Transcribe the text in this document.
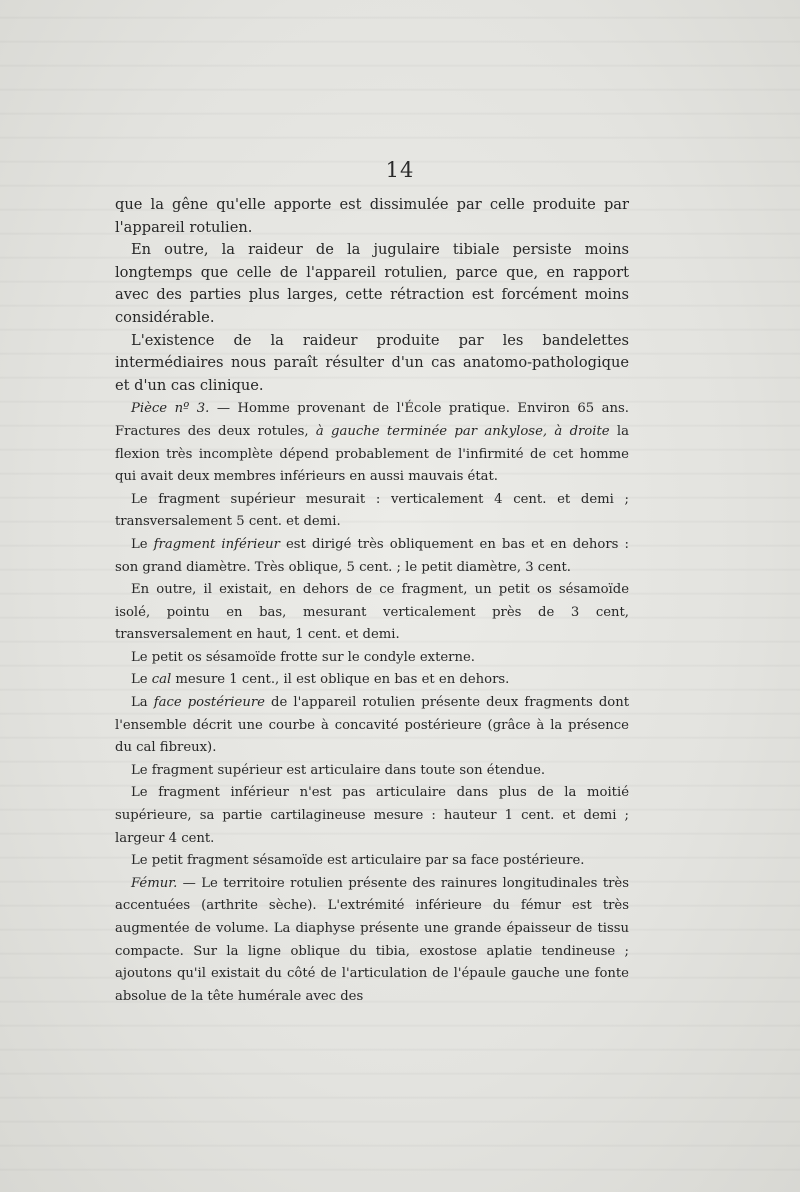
14

que la gêne qu'elle apporte est dissimulée par celle produite par l'appareil rotulien.

En outre, la raideur de la jugulaire tibiale persiste moins longtemps que celle de l'appareil rotulien, parce que, en rapport avec des parties plus larges, cette rétraction est forcément moins considérable.

L'existence de la raideur produite par les bandelettes intermédiaires nous paraît résulter d'un cas anatomo-pathologique et d'un cas clinique.

Pièce nº 3. — Homme provenant de l'École pratique. Environ 65 ans. Fractures des deux rotules, à gauche terminée par ankylose, à droite la flexion très incomplète dépend probablement de l'infirmité de cet homme qui avait deux membres inférieurs en aussi mauvais état.

Le fragment supérieur mesurait : verticalement 4 cent. et demi ; transversalement 5 cent. et demi.

Le fragment inférieur est dirigé très obliquement en bas et en dehors : son grand diamètre. Très oblique, 5 cent. ; le petit diamètre, 3 cent.

En outre, il existait, en dehors de ce fragment, un petit os sésamoïde isolé, pointu en bas, mesurant verticalement près de 3 cent, transversalement en haut, 1 cent. et demi.

Le petit os sésamoïde frotte sur le condyle externe.

Le cal mesure 1 cent., il est oblique en bas et en dehors.

La face postérieure de l'appareil rotulien présente deux fragments dont l'ensemble décrit une courbe à concavité postérieure (grâce à la présence du cal fibreux).

Le fragment supérieur est articulaire dans toute son étendue.

Le fragment inférieur n'est pas articulaire dans plus de la moitié supérieure, sa partie cartilagineuse mesure : hauteur 1 cent. et demi ; largeur 4 cent.

Le petit fragment sésamoïde est articulaire par sa face postérieure.

Fémur. — Le territoire rotulien présente des rainures longitudinales très accentuées (arthrite sèche). L'extrémité inférieure du fémur est très augmentée de volume. La diaphyse présente une grande épaisseur de tissu compacte. Sur la ligne oblique du tibia, exostose aplatie tendineuse ; ajoutons qu'il existait du côté de l'articulation de l'épaule gauche une fonte absolue de la tête humérale avec des
